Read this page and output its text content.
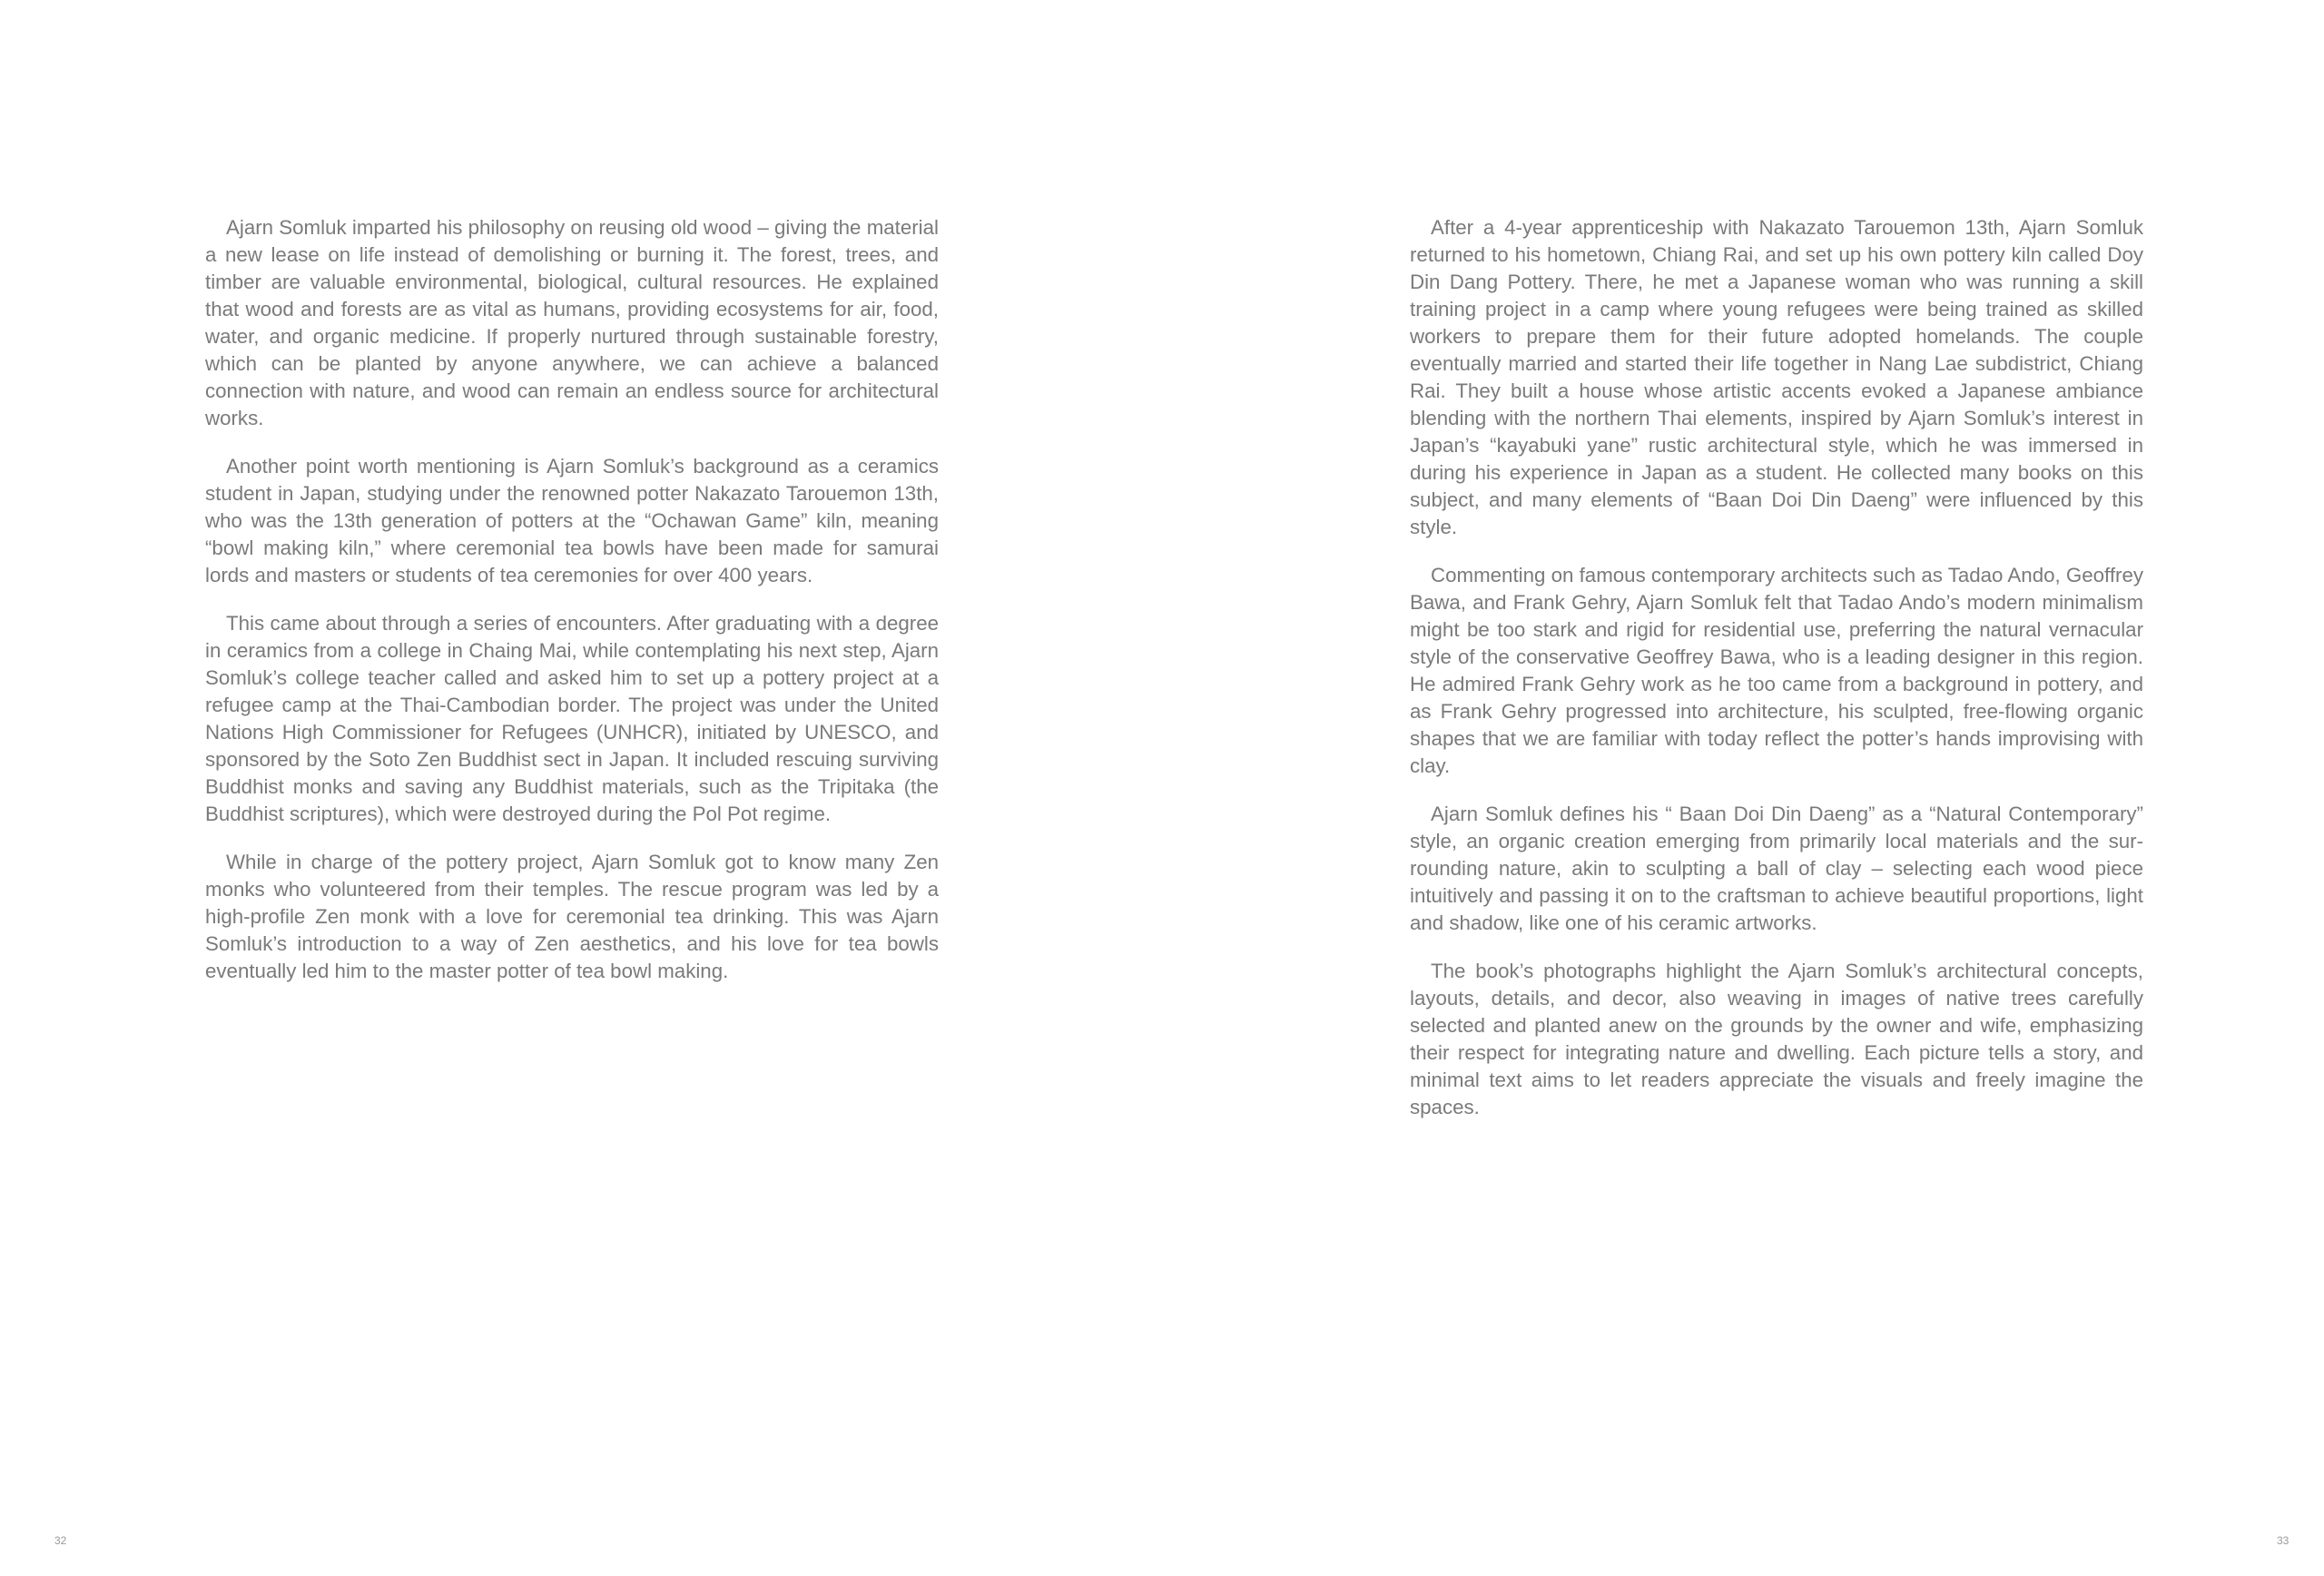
Ajarn Somluk imparted his philosophy on reusing old wood – giving the material a new lease on life instead of demolishing or burning it. The forest, trees, and timber are valuable environmental, biological, cultural resources. He explained that wood and forests are as vital as humans, providing ecosystems for air, food, water, and organic medicine. If properly nurtured through sustainable forestry, which can be planted by anyone anywhere, we can achieve a balanced connection with nature, and wood can remain an endless source for architectural works.

Another point worth mentioning is Ajarn Somluk’s background as a ceramics student in Japan, studying under the renowned potter Nakazato Tarouemon 13th, who was the 13th generation of potters at the “Ochawan Game” kiln, meaning “bowl making kiln,” where ceremonial tea bowls have been made for samurai lords and masters or students of tea ceremonies for over 400 years.

This came about through a series of encounters. After graduating with a degree in ceramics from a college in Chaing Mai, while contemplating his next step, Ajarn Somluk’s college teacher called and asked him to set up a pottery project at a refugee camp at the Thai-Cambodian border. The project was under the United Nations High Commissioner for Refugees (UNHCR), initiated by UNESCO, and sponsored by the Soto Zen Buddhist sect in Japan. It included rescuing surviving Buddhist monks and saving any Buddhist materials, such as the Tripitaka (the Buddhist scriptures), which were destroyed during the Pol Pot regime.

While in charge of the pottery project, Ajarn Somluk got to know many Zen monks who volunteered from their temples. The rescue program was led by a high-profile Zen monk with a love for ceremonial tea drinking. This was Ajarn Somluk’s introduction to a way of Zen aesthetics, and his love for tea bowls eventually led him to the master potter of tea bowl making.

After a 4-year apprenticeship with Nakazato Tarouemon 13th, Ajarn Somluk returned to his hometown, Chiang Rai, and set up his own pottery kiln called Doy Din Dang Pottery. There, he met a Japanese woman who was running a skill training project in a camp where young refugees were being trained as skilled workers to prepare them for their future adopted homelands. The couple eventually married and started their life together in Nang Lae subdistrict, Chiang Rai. They built a house whose artistic accents evoked a Japanese ambiance blending with the northern Thai elements, inspired by Ajarn Somluk’s interest in Japan’s “kayabuki yane” rustic architectural style, which he was immersed in during his experience in Japan as a student. He collected many books on this subject, and many elements of “Baan Doi Din Daeng” were influenced by this style.

Commenting on famous contemporary architects such as Tadao Ando, Geoffrey Bawa, and Frank Gehry, Ajarn Somluk felt that Tadao Ando’s modern minimalism might be too stark and rigid for residential use, preferring the natural vernacular style of the conservative Geoffrey Bawa, who is a leading designer in this region. He admired Frank Gehry work as he too came from a background in pottery, and as Frank Gehry progressed into architecture, his sculpted, free-flowing organic shapes that we are familiar with today reflect the potter’s hands improvising with clay.

Ajarn Somluk defines his “ Baan Doi Din Daeng” as a “Natural Contemporary” style, an organic creation emerging from primarily local materials and the surrounding nature, akin to sculpting a ball of clay – selecting each wood piece intuitively and passing it on to the craftsman to achieve beautiful proportions, light and shadow, like one of his ceramic artworks.

The book’s photographs highlight the Ajarn Somluk’s architectural concepts, layouts, details, and decor, also weaving in images of native trees carefully selected and planted anew on the grounds by the owner and wife, emphasizing their respect for integrating nature and dwelling. Each picture tells a story, and minimal text aims to let readers appreciate the visuals and freely imagine the spaces.

32	33
